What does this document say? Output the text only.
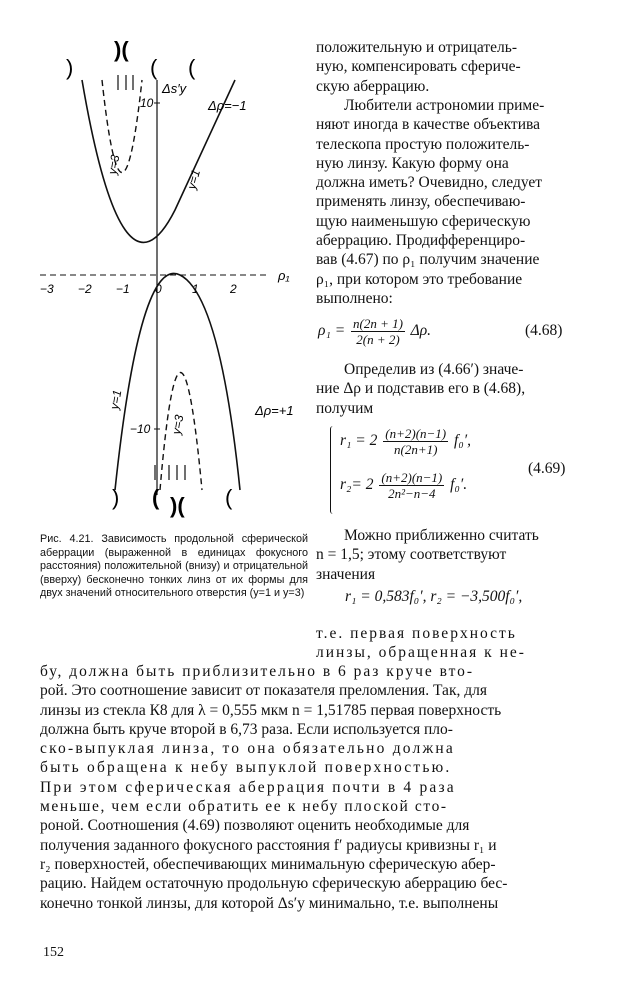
)
)(
( (
Δs′y
10
−10
ρ₁
−3 −2 −1 0	1	2
y=3
y=1
Δρ=−1
y=1
y=3
Δρ=+1
) ( )( (
Рис. 4.21. Зависимость продольной сферической аберрации (выраженной в единицах фокусного расстояния) положительной (внизу) и отрицательной (вверху) бесконечно тонких линз от их формы для двух значений относительного отверстия (y=1 и y=3)

положительную и отрицатель-
ную, компенсировать сфериче-
скую аберрацию.

Любители астрономии приме-
няют иногда в качестве объектива
телескопа простую положитель-
ную линзу. Какую форму она
должна иметь? Очевидно, следует
применять линзу, обеспечиваю-
щую наименьшую сферическую
аберрацию. Продифференциро-
вав (4.67) по ρ₁ получим значение
ρ₁, при котором это требование
выполнено:

$\rho_1 = \frac{n(2n + 1)}{2(n + 2)} \Delta\rho$.	(4.68)

Определив из (4.66′) значе-
ние Δρ и подставив его в (4.68),
получим

$r_1 = 2 \frac{(n+2)(n-1)}{n(2n+1)} f_0'$,
$r_2= 2 \frac{(n+2)(n-1)}{\text{2n²−n−4}} f_0'$.
(4.69)

Можно приближенно считать
n = 1,5; этому соответствуют
значения

r₁ = 0,583f₀′, r₂ = −3,500f₀′,

т.е. первая поверхность
линзы, обращенная к не-

бу, должна быть приблизительно в 6 раз круче вто-
рой. Это соотношение зависит от показателя преломления. Так, для
линзы из стекла К8 для λ = 0,555 мкм n = 1,51785 первая поверхность
должна быть круче второй в 6,73 раза. Если используется пло-
ско-выпуклая линза, то она обязательно должна
быть обращена к небу выпуклой поверхностью.
При этом сферическая аберрация почти в 4 раза
меньше, чем если обратить ее к небу плоской сто-
роной. Соотношения (4.69) позволяют оценить необходимые для
получения заданного фокусного расстояния f′ радиусы кривизны r₁ и
r₂ поверхностей, обеспечивающих минимальную сферическую абер-
рацию. Найдем остаточную продольную сферическую аберрацию бес-
конечно тонкой линзы, для которой Δs′y минимально, т.е. выполнены

152
